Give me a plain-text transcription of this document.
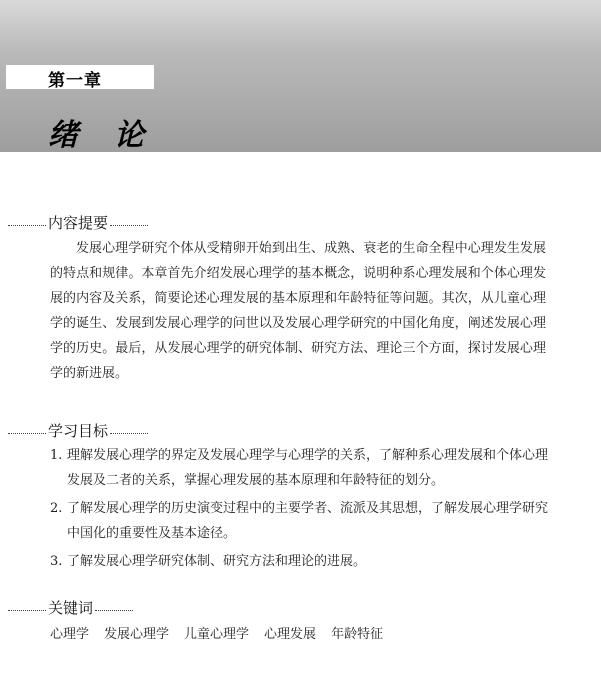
第一章
绪论
内容提要

发展心理学研究个体从受精卵开始到出生、成熟、衰老的生命全程中心理发生发展的特点和规律。本章首先介绍发展心理学的基本概念，说明种系心理发展和个体心理发展的内容及关系，简要论述心理发展的基本原理和年龄特征等问题。其次，从儿童心理学的诞生、发展到发展心理学的问世以及发展心理学研究的中国化角度，阐述发展心理学的历史。最后，从发展心理学的研究体制、研究方法、理论三个方面，探讨发展心理学的新进展。

学习目标
1. 理解发展心理学的界定及发展心理学与心理学的关系，了解种系心理发展和个体心理发展及二者的关系，掌握心理发展的基本原理和年龄特征的划分。
2. 了解发展心理学的历史演变过程中的主要学者、流派及其思想，了解发展心理学研究中国化的重要性及基本途径。
3. 了解发展心理学研究体制、研究方法和理论的进展。
关键词
心理学 发展心理学 儿童心理学 心理发展 年龄特征
